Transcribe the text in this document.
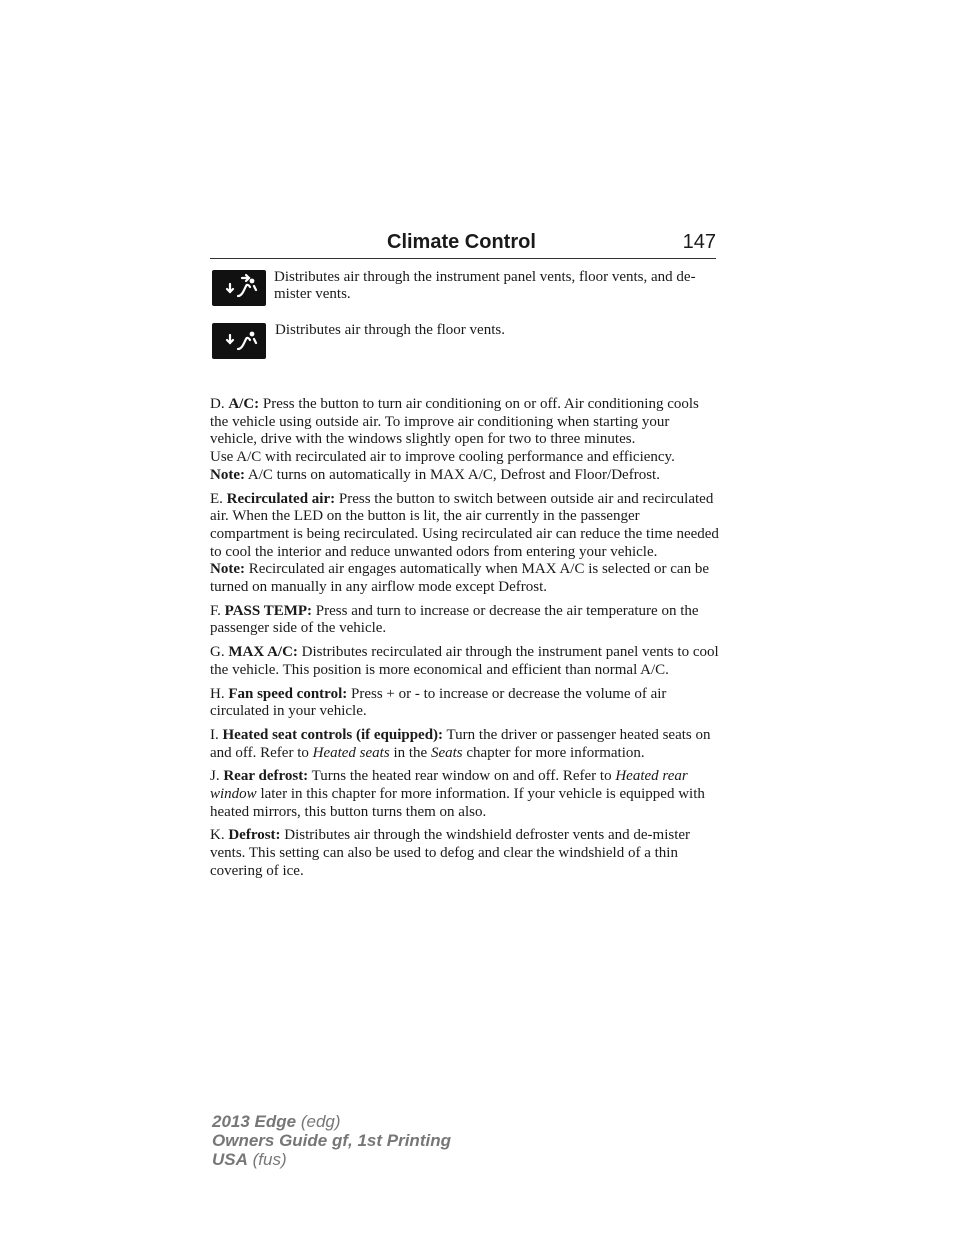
Climate Control	147
Distributes air through the instrument panel vents, floor vents, and de-mister vents.
Distributes air through the floor vents.

D. A/C: Press the button to turn air conditioning on or off. Air conditioning cools the vehicle using outside air. To improve air conditioning when starting your vehicle, drive with the windows slightly open for two to three minutes.

Use A/C with recirculated air to improve cooling performance and efficiency.

Note: A/C turns on automatically in MAX A/C, Defrost and Floor/Defrost.

E. Recirculated air: Press the button to switch between outside air and recirculated air. When the LED on the button is lit, the air currently in the passenger compartment is being recirculated. Using recirculated air can reduce the time needed to cool the interior and reduce unwanted odors from entering your vehicle.

Note: Recirculated air engages automatically when MAX A/C is selected or can be turned on manually in any airflow mode except Defrost.

F. PASS TEMP: Press and turn to increase or decrease the air temperature on the passenger side of the vehicle.

G. MAX A/C: Distributes recirculated air through the instrument panel vents to cool the vehicle. This position is more economical and efficient than normal A/C.

H. Fan speed control: Press + or - to increase or decrease the volume of air circulated in your vehicle.

I. Heated seat controls (if equipped): Turn the driver or passenger heated seats on and off. Refer to Heated seats in the Seats chapter for more information.

J. Rear defrost: Turns the heated rear window on and off. Refer to Heated rear window later in this chapter for more information. If your vehicle is equipped with heated mirrors, this button turns them on also.

K. Defrost: Distributes air through the windshield defroster vents and de-mister vents. This setting can also be used to defog and clear the windshield of a thin covering of ice.

2013 Edge (edg)
Owners Guide gf, 1st Printing
USA (fus)
